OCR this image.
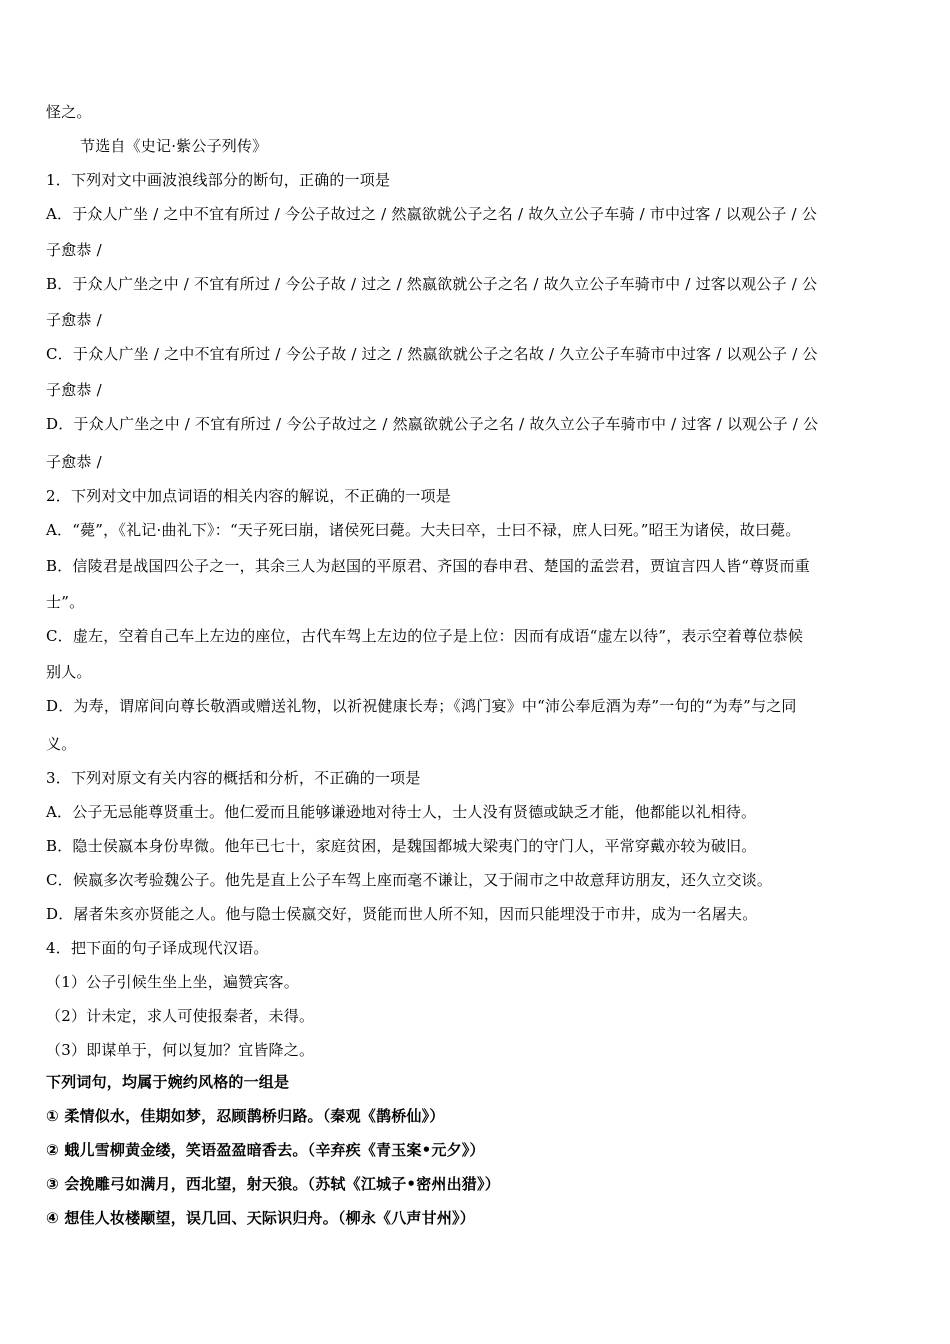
怪之。
节选自《史记·紫公子列传》
1．下列对文中画波浪线部分的断句，正确的一项是
A．于众人广坐 / 之中不宜有所过 / 今公子故过之 / 然嬴欲就公子之名 / 故久立公子车骑 / 市中过客 / 以观公子 / 公
子愈恭 /
B．于众人广坐之中 / 不宜有所过 / 今公子故 / 过之 / 然嬴欲就公子之名 / 故久立公子车骑市中 / 过客以观公子 / 公
子愈恭 /
C．于众人广坐 / 之中不宜有所过 / 今公子故 / 过之 / 然嬴欲就公子之名故 / 久立公子车骑市中过客 / 以观公子 / 公
子愈恭 /
D．于众人广坐之中 / 不宜有所过 / 今公子故过之 / 然嬴欲就公子之名 / 故久立公子车骑市中 / 过客 / 以观公子 / 公
子愈恭 /
2．下列对文中加点词语的相关内容的解说，不正确的一项是
A．“薨”，《礼记·曲礼下》：“天子死曰崩，诸侯死曰薨。大夫曰卒，士曰不禄，庶人曰死。”昭王为诸侯，故曰薨。
B．信陵君是战国四公子之一，其余三人为赵国的平原君、齐国的春申君、楚国的孟尝君，贾谊言四人皆“尊贤而重
士”。
C．虚左，空着自己车上左边的座位，古代车驾上左边的位子是上位：因而有成语“虚左以待”，表示空着尊位恭候
别人。
D．为寿，谓席间向尊长敬酒或赠送礼物，以祈祝健康长寿；《鸿门宴》中“沛公奉卮酒为寿”一句的“为寿”与之同
义。
3．下列对原文有关内容的概括和分析，不正确的一项是
A．公子无忌能尊贤重士。他仁爱而且能够谦逊地对待士人，士人没有贤德或缺乏才能，他都能以礼相待。
B．隐士侯嬴本身份卑微。他年已七十，家庭贫困，是魏国都城大梁夷门的守门人，平常穿戴亦较为破旧。
C．候嬴多次考验魏公子。他先是直上公子车驾上座而毫不谦让，又于闹市之中故意拜访朋友，还久立交谈。
D．屠者朱亥亦贤能之人。他与隐士侯嬴交好，贤能而世人所不知，因而只能埋没于市井，成为一名屠夫。
4．把下面的句子译成现代汉语。
（1）公子引候生坐上坐，遍赞宾客。
（2）计未定，求人可使报秦者，未得。
（3）即谋单于，何以复加？宜皆降之。
下列词句，均属于婉约风格的一组是
① 柔情似水，佳期如梦，忍顾鹊桥归路。（秦观《鹊桥仙》）
② 蛾儿雪柳黄金缕，笑语盈盈暗香去。（辛弃疾《青玉案•元夕》）
③ 会挽雕弓如满月，西北望，射天狼。（苏轼《江城子•密州出猎》）
④ 想佳人妆楼颙望，误几回、天际识归舟。（柳永《八声甘州》）
